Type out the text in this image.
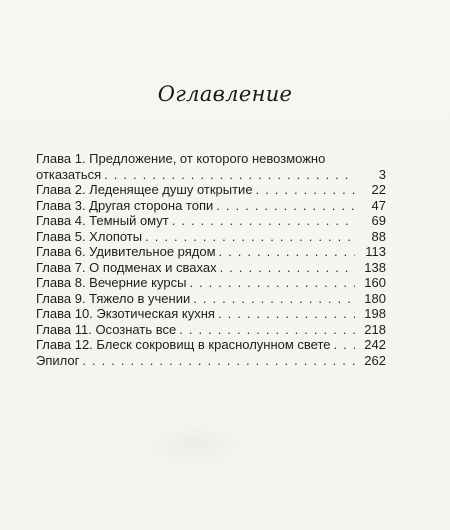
Оглавление
Глава 1. Предложение, от которого невозможно
отказаться . . .	3
Глава 2. Леденящее душу открытие . . .	22
Глава 3. Другая сторона топи . . .	47
Глава 4. Темный омут . . .	69
Глава 5. Хлопоты . . .	88
Глава 6. Удивительное рядом . . .	113
Глава 7. О подменах и свахах . . .	138
Глава 8. Вечерние курсы . . .	160
Глава 9. Тяжело в учении . . .	180
Глава 10. Экзотическая кухня . . .	198
Глава 11. Осознать все . . .	218
Глава 12. Блеск сокровищ в краснолунном свете . . .	242
Эпилог . . .	262
